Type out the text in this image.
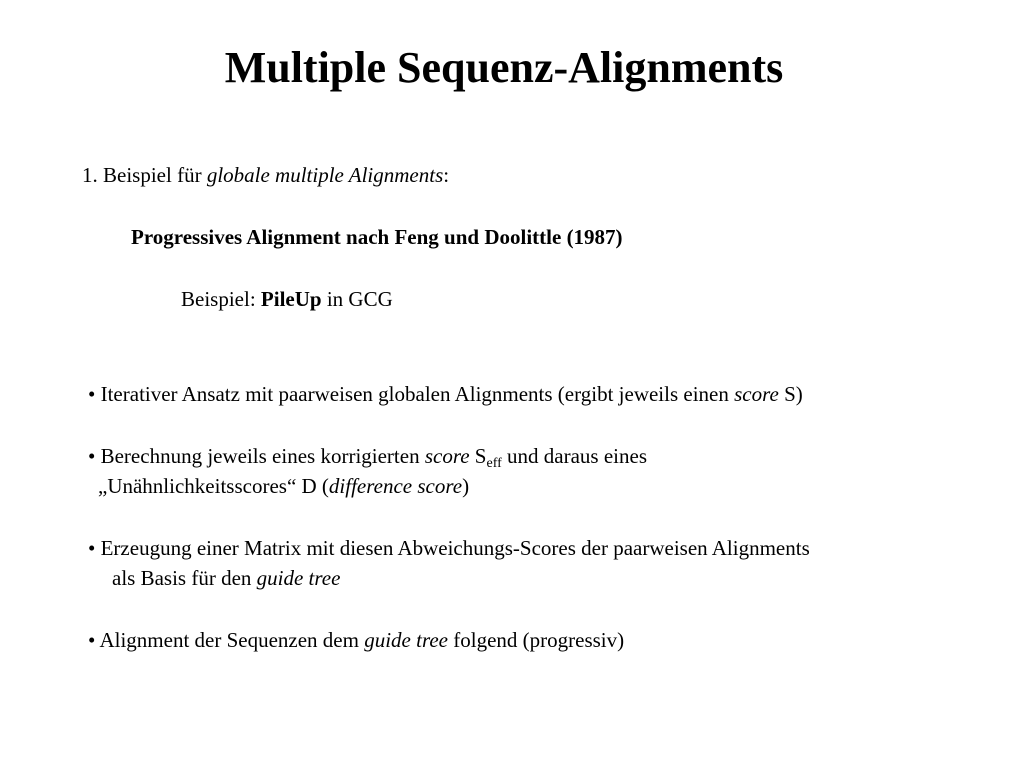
Multiple Sequenz-Alignments
1. Beispiel für globale multiple Alignments:
Progressives Alignment nach Feng und Doolittle (1987)
Beispiel: PileUp in GCG
• Iterativer Ansatz mit paarweisen globalen Alignments (ergibt jeweils einen score S)
• Berechnung jeweils eines korrigierten score $S_{eff}$ und daraus eines
„Unähnlichkeitsscores“ D (difference score)
• Erzeugung einer Matrix mit diesen Abweichungs-Scores der paarweisen Alignments
als Basis für den guide tree
• Alignment der Sequenzen dem guide tree folgend (progressiv)
